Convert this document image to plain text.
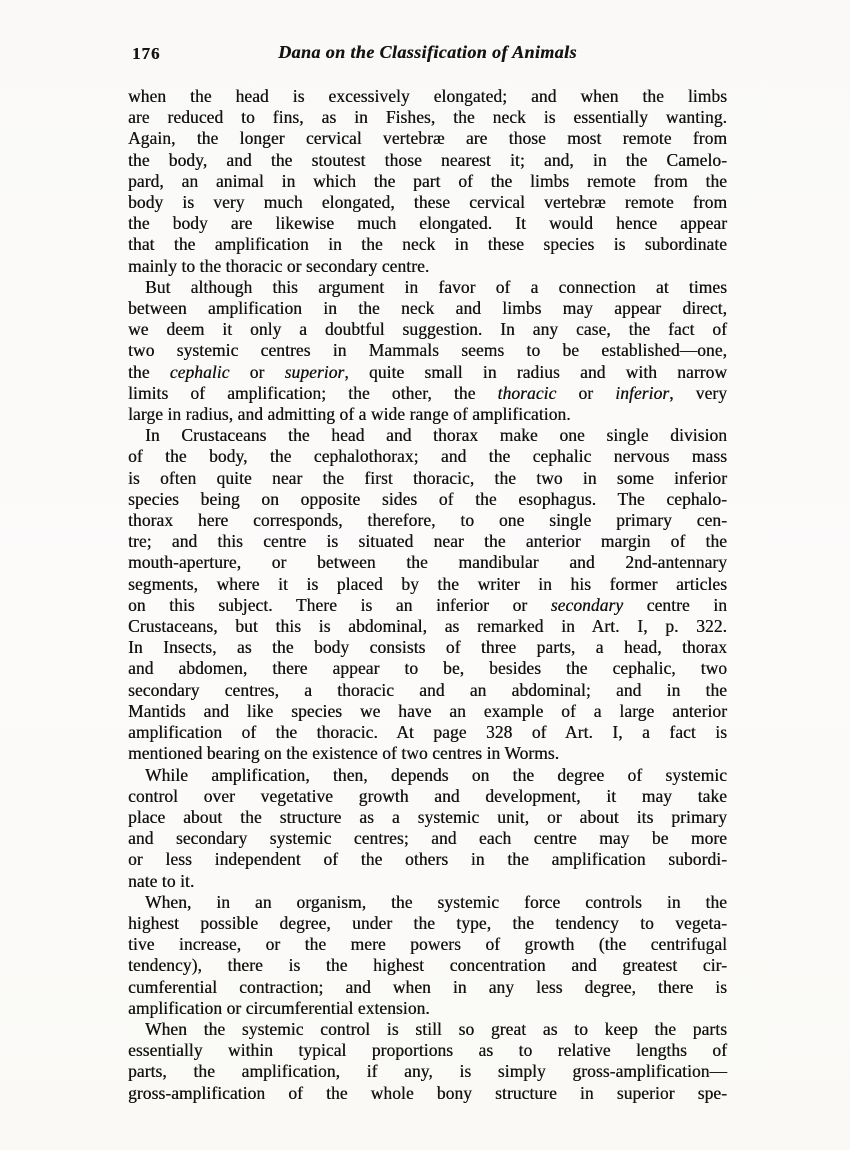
176	Dana on the Classification of Animals
when the head is excessively elongated; and when the limbs
are reduced to fins, as in Fishes, the neck is essentially wanting.
Again, the longer cervical vertebræ are those most remote from
the body, and the stoutest those nearest it; and, in the Camelo-
pard, an animal in which the part of the limbs remote from the
body is very much elongated, these cervical vertebræ remote from
the body are likewise much elongated. It would hence appear
that the amplification in the neck in these species is subordinate
mainly to the thoracic or secondary centre.
But although this argument in favor of a connection at times
between amplification in the neck and limbs may appear direct,
we deem it only a doubtful suggestion. In any case, the fact of
two systemic centres in Mammals seems to be established—one,
the cephalic or superior, quite small in radius and with narrow
limits of amplification; the other, the thoracic or inferior, very
large in radius, and admitting of a wide range of amplification.
In Crustaceans the head and thorax make one single division
of the body, the cephalothorax; and the cephalic nervous mass
is often quite near the first thoracic, the two in some inferior
species being on opposite sides of the esophagus. The cephalo-
thorax here corresponds, therefore, to one single primary cen-
tre; and this centre is situated near the anterior margin of the
mouth-aperture, or between the mandibular and 2nd-antennary
segments, where it is placed by the writer in his former articles
on this subject. There is an inferior or secondary centre in
Crustaceans, but this is abdominal, as remarked in Art. I, p. 322.
In Insects, as the body consists of three parts, a head, thorax
and abdomen, there appear to be, besides the cephalic, two
secondary centres, a thoracic and an abdominal; and in the
Mantids and like species we have an example of a large anterior
amplification of the thoracic. At page 328 of Art. I, a fact is
mentioned bearing on the existence of two centres in Worms.
While amplification, then, depends on the degree of systemic
control over vegetative growth and development, it may take
place about the structure as a systemic unit, or about its primary
and secondary systemic centres; and each centre may be more
or less independent of the others in the amplification subordi-
nate to it.
When, in an organism, the systemic force controls in the
highest possible degree, under the type, the tendency to vegeta-
tive increase, or the mere powers of growth (the centrifugal
tendency), there is the highest concentration and greatest cir-
cumferential contraction; and when in any less degree, there is
amplification or circumferential extension.
When the systemic control is still so great as to keep the parts
essentially within typical proportions as to relative lengths of
parts, the amplification, if any, is simply gross-amplification—
gross-amplification of the whole bony structure in superior spe-
